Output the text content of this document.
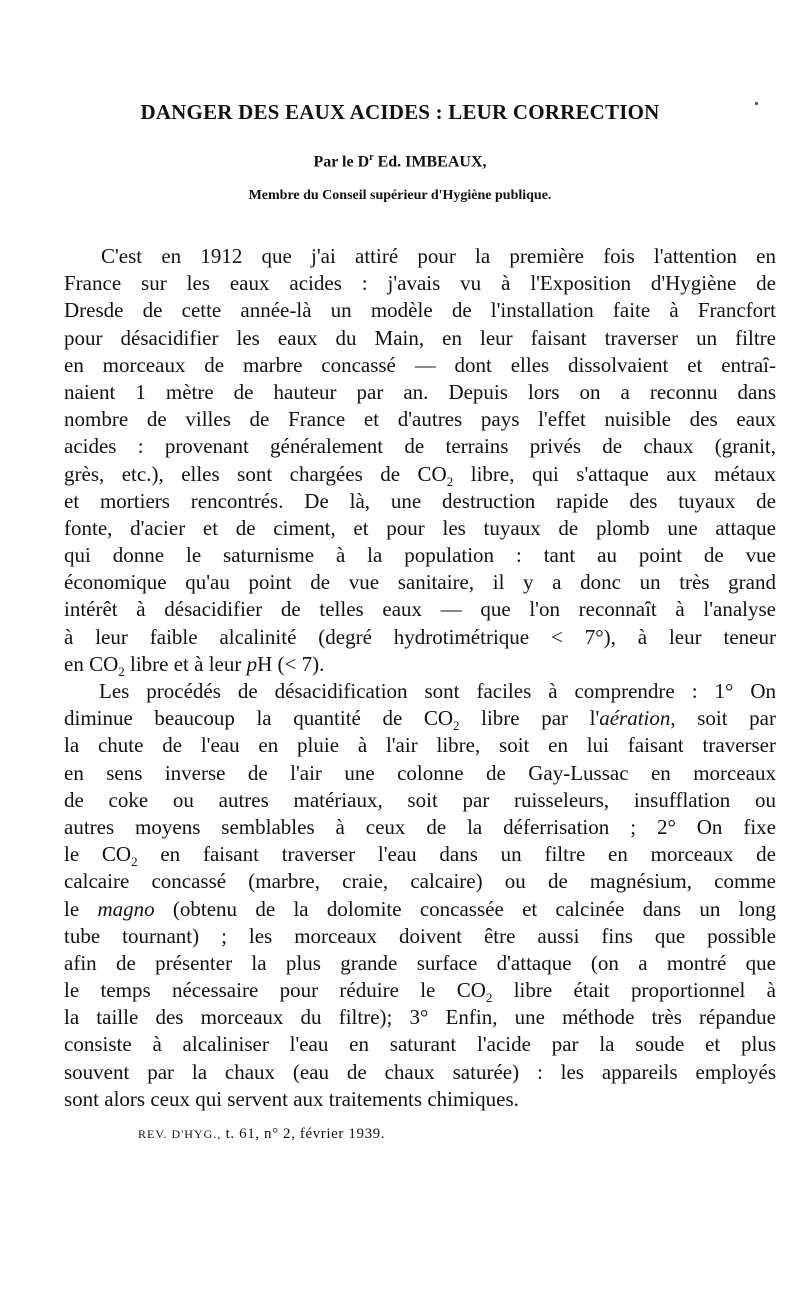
DANGER DES EAUX ACIDES : LEUR CORRECTION
Par le $D^r$ Ed. IMBEAUX,
Membre du Conseil supérieur d'Hygiène publique.
C'est en 1912 que j'ai attiré pour la première fois l'attention en
France sur les eaux acides : j'avais vu à l'Exposition d'Hygiène de
Dresde de cette année-là un modèle de l'installation faite à Francfort
pour désacidifier les eaux du Main, en leur faisant traverser un filtre
en morceaux de marbre concassé — dont elles dissolvaient et entraî-
naient 1 mètre de hauteur par an. Depuis lors on a reconnu dans
nombre de villes de France et d'autres pays l'effet nuisible des eaux
acides : provenant généralement de terrains privés de chaux (granit,
grès, etc.), elles sont chargées de $CO_2$ libre, qui s'attaque aux métaux
et mortiers rencontrés. De là, une destruction rapide des tuyaux de
fonte, d'acier et de ciment, et pour les tuyaux de plomb une attaque
qui donne le saturnisme à la population : tant au point de vue
économique qu'au point de vue sanitaire, il y a donc un très grand
intérêt à désacidifier de telles eaux — que l'on reconnaît à l'analyse
à leur faible alcalinité (degré hydrotimétrique < 7°), à leur teneur
en $CO_2$ libre et à leur pH (< 7).
Les procédés de désacidification sont faciles à comprendre : 1° On
diminue beaucoup la quantité de $CO_2$ libre par l'aération, soit par
la chute de l'eau en pluie à l'air libre, soit en lui faisant traverser
en sens inverse de l'air une colonne de Gay-Lussac en morceaux
de coke ou autres matériaux, soit par ruisseleurs, insufflation ou
autres moyens semblables à ceux de la déferrisation ; 2° On fixe
le $CO_2$ en faisant traverser l'eau dans un filtre en morceaux de
calcaire concassé (marbre, craie, calcaire) ou de magnésium, comme
le magno (obtenu de la dolomite concassée et calcinée dans un long
tube tournant) ; les morceaux doivent être aussi fins que possible
afin de présenter la plus grande surface d'attaque (on a montré que
le temps nécessaire pour réduire le $CO_2$ libre était proportionnel à
la taille des morceaux du filtre); 3° Enfin, une méthode très répandue
consiste à alcaliniser l'eau en saturant l'acide par la soude et plus
souvent par la chaux (eau de chaux saturée) : les appareils employés
sont alors ceux qui servent aux traitements chimiques.
REV. D'HYG., t. 61, n° 2, février 1939.
